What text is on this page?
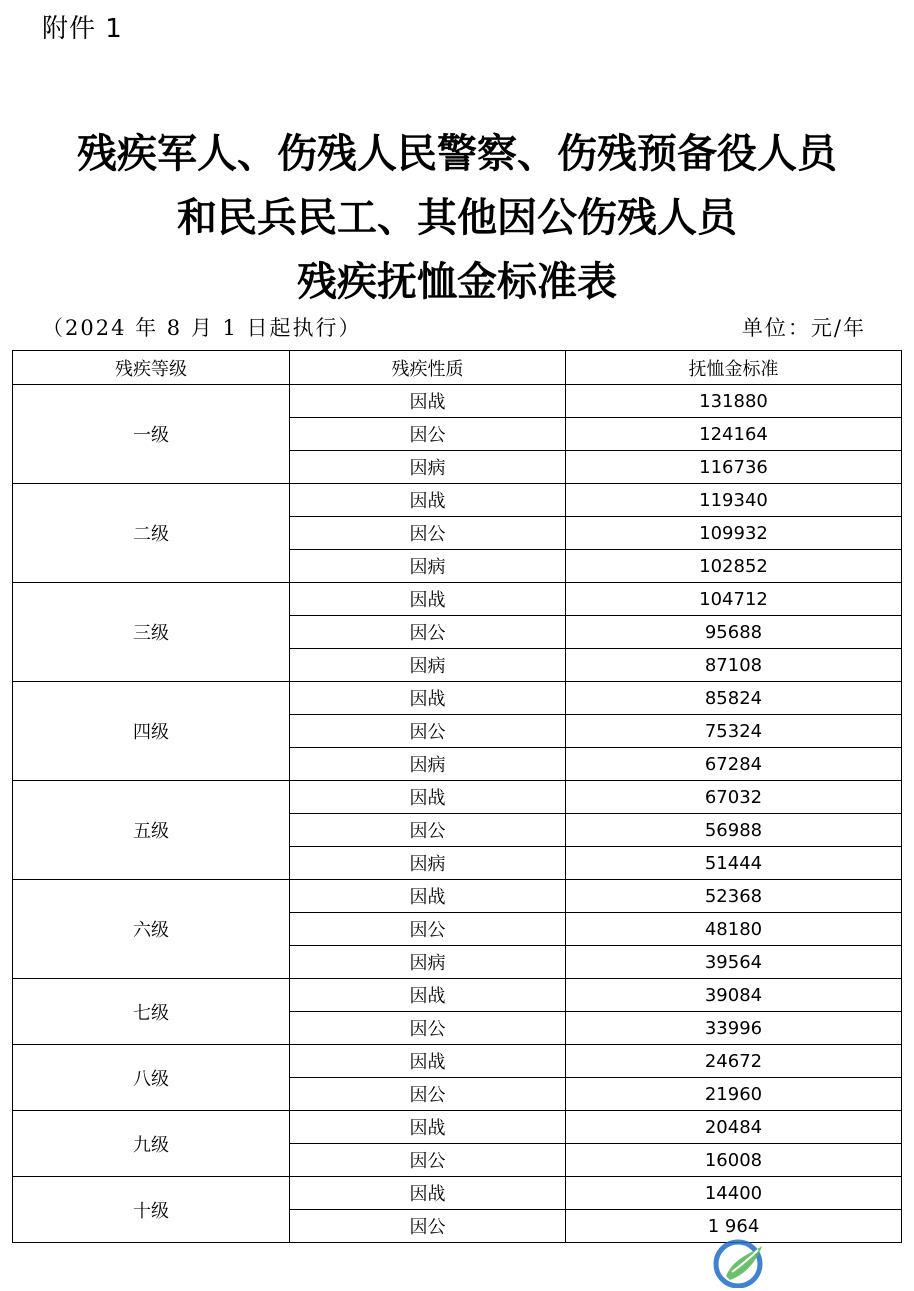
附件 1
残疾军人、伤残人民警察、伤残预备役人员
和民兵民工、其他因公伤残人员
残疾抚恤金标准表
（2024 年 8 月 1 日起执行）	单位：元/年
残疾等级	残疾性质	抚恤金标准
一级	因战	131880
	因公	124164
	因病	116736
二级	因战	119340
	因公	109932
	因病	102852
三级	因战	104712
	因公	95688
	因病	87108
四级	因战	85824
	因公	75324
	因病	67284
五级	因战	67032
	因公	56988
	因病	51444
六级	因战	52368
	因公	48180
	因病	39564
七级	因战	39084
	因公	33996
八级	因战	24672
	因公	21960
九级	因战	20484
	因公	16008
十级	因战	14400
	因公	1 964
